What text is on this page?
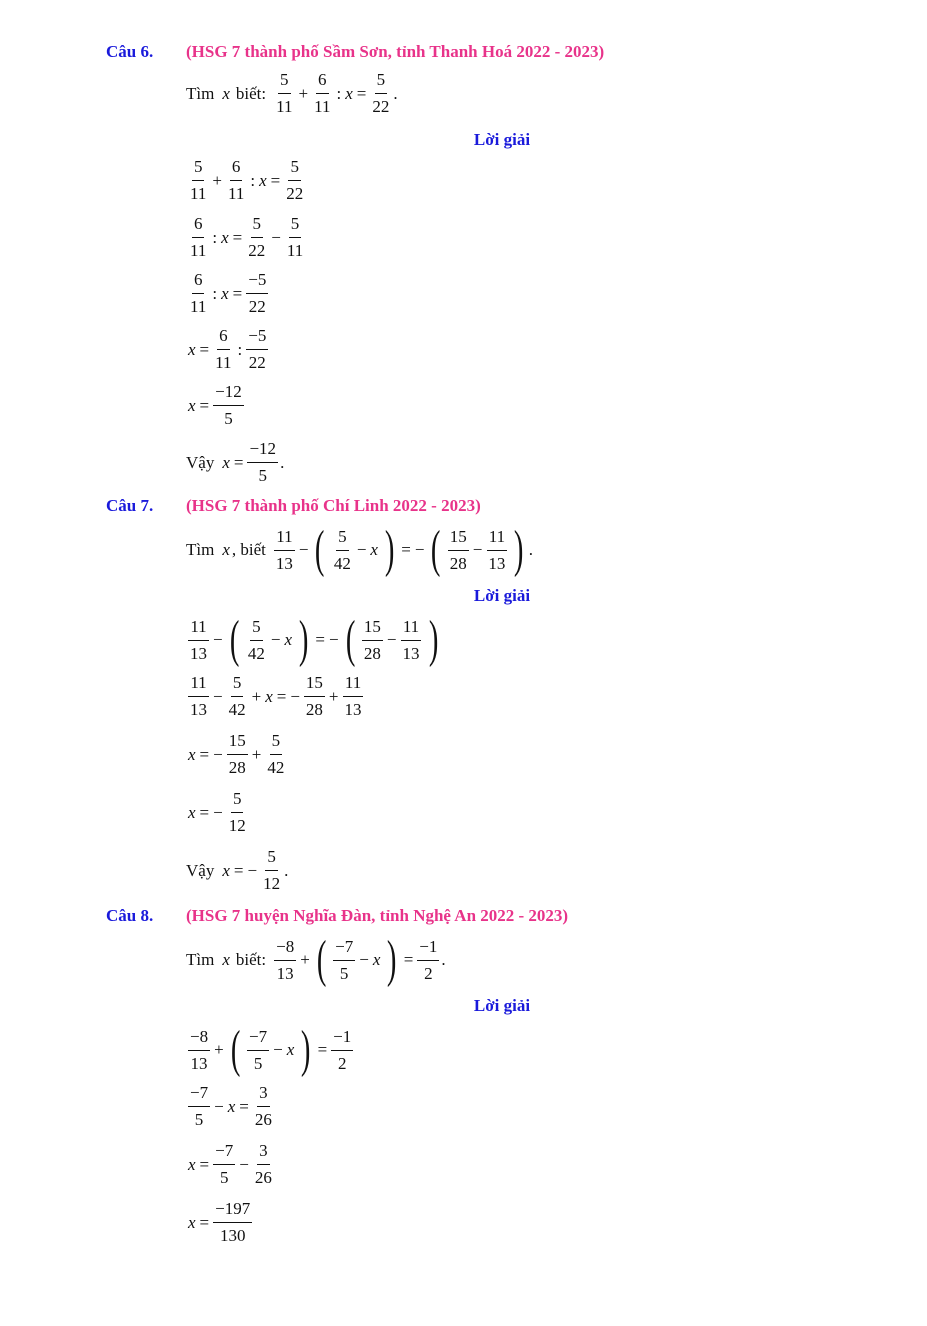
Câu 6. (HSG 7 thành phố Sầm Sơn, tỉnh Thanh Hoá 2022 - 2023)
Tìm x biết: $\frac{5}{11} + \frac{6}{11}$ : $x = \frac{5}{22}$ .
Lời giải
$\frac{5}{11} + \frac{6}{11}$ : $x = \frac{5}{22}$
$\frac{6}{11}$ : $x = \frac{5}{22} - \frac{5}{11}$
$\frac{6}{11}$ : $x = \frac{-5}{22}$
$x = \frac{6}{11}$ : $\frac{-5}{22}$
$x = \frac{-12}{5}$
Vậy $x = \frac{-12}{5}$ .
Câu 7. (HSG 7 thành phố Chí Linh 2022 - 2023)
Tìm x , biết $\frac{11}{13}$ − ( $\frac{5}{42} - x$ ) = − ( $\frac{15}{28} - \frac{11}{13}$ ) .
Lời giải
$\frac{11}{13}$ − ( $\frac{5}{42} - x$ ) = − ( $\frac{15}{28} - \frac{11}{13}$ )
$\frac{11}{13} - \frac{5}{42} + x$ = − $\frac{15}{28} + \frac{11}{13}$
x = − $\frac{15}{28} + \frac{5}{42}$
x = − $\frac{5}{12}$
Vậy x = − $\frac{5}{12}$ .
Câu 8. (HSG 7 huyện Nghĩa Đàn, tỉnh Nghệ An 2022 - 2023)
Tìm x biết: $\frac{-8}{13}$ + ( $\frac{-7}{5} - x$ ) = $\frac{-1}{2}$ .
Lời giải
$\frac{-8}{13}$ + ( $\frac{-7}{5} - x$ ) = $\frac{-1}{2}$
$\frac{-7}{5} - x = \frac{3}{26}$
$x = \frac{-7}{5} - \frac{3}{26}$
$x = \frac{-197}{130}$
